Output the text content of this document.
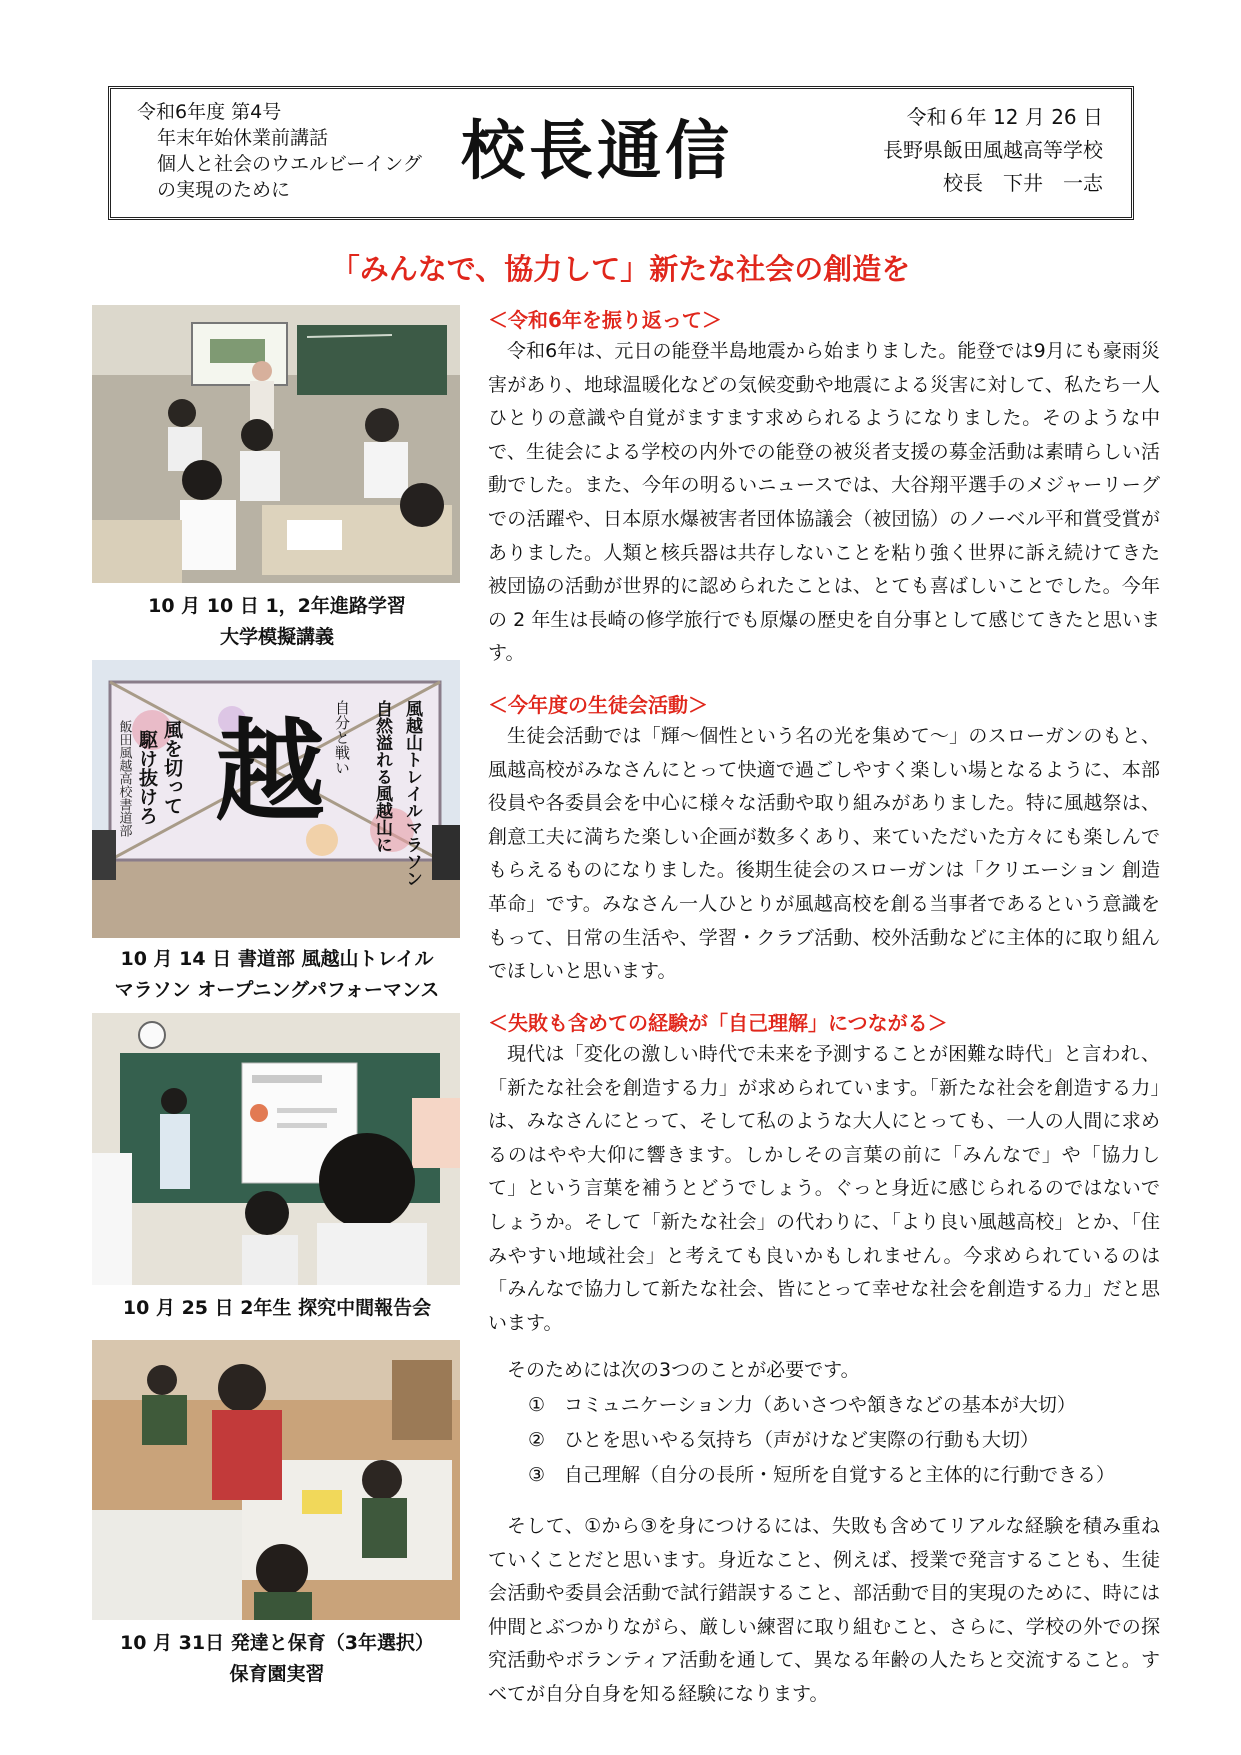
令和6年度 第4号
年末年始休業前講話
個人と社会のウエルビーイング
の実現のために
校長通信	令和６年 12 月 26 日
長野県飯田風越高等学校
校長　下井　一志
「みんなで、協力して」新たな社会の創造を
10 月 10 日 1，2年進路学習
大学模擬講義
越	風越山トレイルマラソン
自然溢れる風越山に
自分と戦い
風を切って
駆け抜けろ
飯田風越高校書道部
10 月 14 日 書道部 風越山トレイル
マラソン オープニングパフォーマンス
10 月 25 日 2年生 探究中間報告会
10 月 31日 発達と保育（3年選択）
保育園実習
＜令和6年を振り返って＞

令和6年は、元日の能登半島地震から始まりました。能登では9月にも豪雨災害があり、地球温暖化などの気候変動や地震による災害に対して、私たち一人ひとりの意識や自覚がますます求められるようになりました。そのような中で、生徒会による学校の内外での能登の被災者支援の募金活動は素晴らしい活動でした。また、今年の明るいニュースでは、大谷翔平選手のメジャーリーグでの活躍や、日本原水爆被害者団体協議会（被団協）のノーベル平和賞受賞がありました。人類と核兵器は共存しないことを粘り強く世界に訴え続けてきた被団協の活動が世界的に認められたことは、とても喜ばしいことでした。今年の 2 年生は長崎の修学旅行でも原爆の歴史を自分事として感じてきたと思います。

＜今年度の生徒会活動＞

生徒会活動では「輝～個性という名の光を集めて～」のスローガンのもと、風越高校がみなさんにとって快適で過ごしやすく楽しい場となるように、本部役員や各委員会を中心に様々な活動や取り組みがありました。特に風越祭は、創意工夫に満ちた楽しい企画が数多くあり、来ていただいた方々にも楽しんでもらえるものになりました。後期生徒会のスローガンは「クリエーション 創造革命」です。みなさん一人ひとりが風越高校を創る当事者であるという意識をもって、日常の生活や、学習・クラブ活動、校外活動などに主体的に取り組んでほしいと思います。

＜失敗も含めての経験が「自己理解」につながる＞

現代は「変化の激しい時代で未来を予測することが困難な時代」と言われ、「新たな社会を創造する力」が求められています。「新たな社会を創造する力」は、みなさんにとって、そして私のような大人にとっても、一人の人間に求めるのはやや大仰に響きます。しかしその言葉の前に「みんなで」や「協力して」という言葉を補うとどうでしょう。ぐっと身近に感じられるのではないでしょうか。そして「新たな社会」の代わりに、「より良い風越高校」とか、「住みやすい地域社会」と考えても良いかもしれません。今求められているのは「みんなで協力して新たな社会、皆にとって幸せな社会を創造する力」だと思います。

そのためには次の3つのことが必要です。

①　コミュニケーション力（あいさつや頷きなどの基本が大切）
②　ひとを思いやる気持ち（声がけなど実際の行動も大切）
③　自己理解（自分の長所・短所を自覚すると主体的に行動できる）

そして、①から③を身につけるには、失敗も含めてリアルな経験を積み重ねていくことだと思います。身近なこと、例えば、授業で発言することも、生徒会活動や委員会活動で試行錯誤すること、部活動で目的実現のために、時には仲間とぶつかりながら、厳しい練習に取り組むこと、さらに、学校の外での探究活動やボランティア活動を通して、異なる年齢の人たちと交流すること。すべてが自分自身を知る経験になります。
